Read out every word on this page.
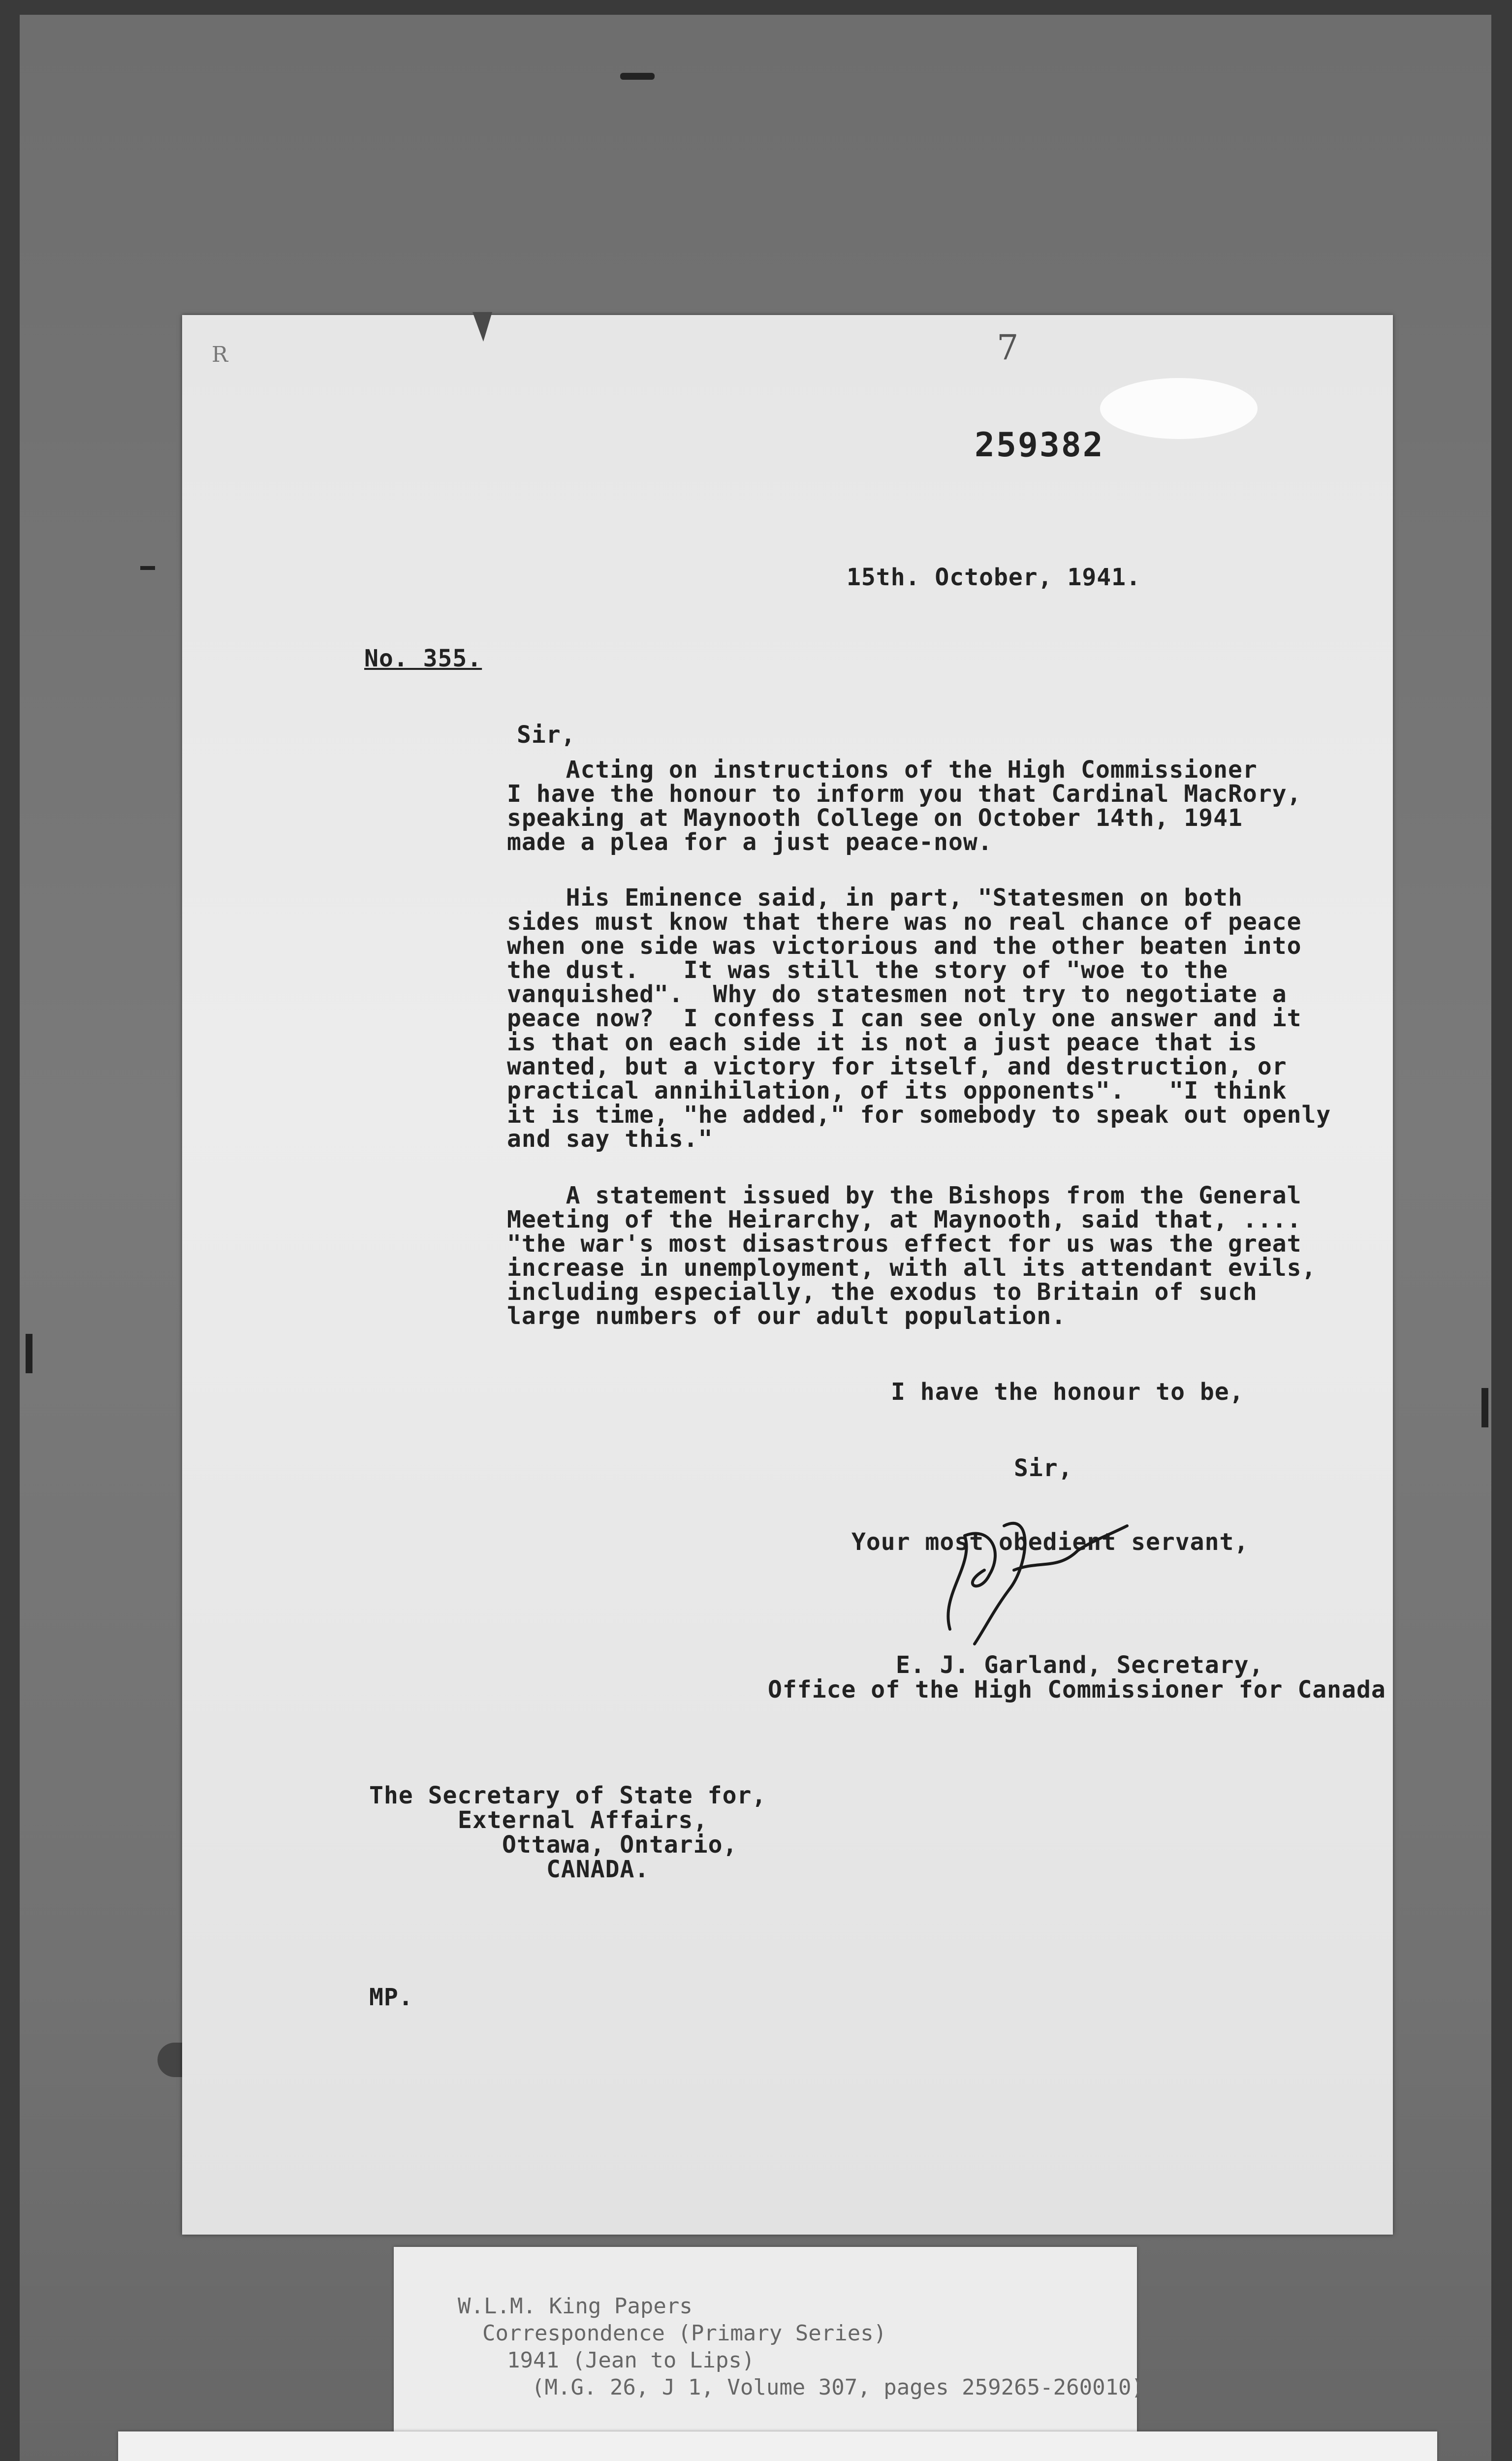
R	7
259382
15th. October, 1941.
No. 355.
Sir,
Acting on instructions of the High Commissioner
I have the honour to inform you that Cardinal MacRory,
speaking at Maynooth College on October 14th, 1941
made a plea for a just peace-now.
His Eminence said, in part, "Statesmen on both
sides must know that there was no real chance of peace
when one side was victorious and the other beaten into
the dust.   It was still the story of "woe to the
vanquished".  Why do statesmen not try to negotiate a
peace now?  I confess I can see only one answer and it
is that on each side it is not a just peace that is
wanted, but a victory for itself, and destruction, or
practical annihilation, of its opponents".   "I think
it is time, "he added," for somebody to speak out openly
and say this."
A statement issued by the Bishops from the General
Meeting of the Heirarchy, at Maynooth, said that, ....
"the war's most disastrous effect for us was the great
increase in unemployment, with all its attendant evils,
including especially, the exodus to Britain of such
large numbers of our adult population.
I have the honour to be,
Sir,
Your most obedient servant,
E. J. Garland, Secretary,
Office of the High Commissioner for Canada
The Secretary of State for,
External Affairs,
Ottawa, Ontario,
CANADA.
MP.
W.L.M. King Papers
Correspondence (Primary Series)
1941 (Jean to Lips)
(M.G. 26, J 1, Volume 307, pages 259265-260010)
